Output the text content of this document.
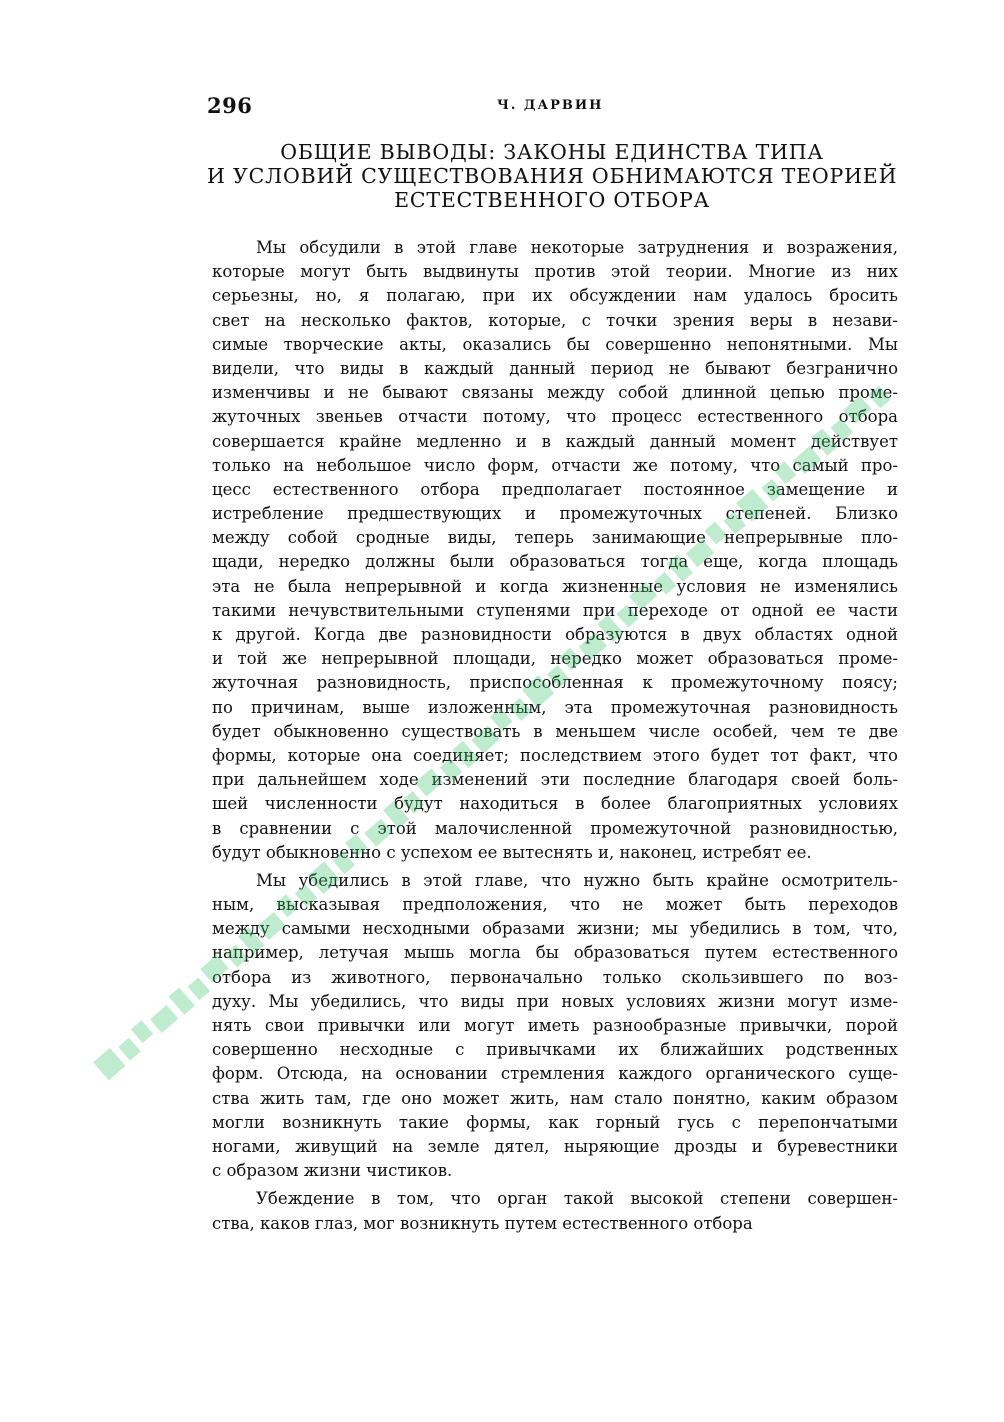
296	Ч. ДАРВИН
ОБЩИЕ ВЫВОДЫ: ЗАКОНЫ ЕДИНСТВА ТИПА
И УСЛОВИЙ СУЩЕСТВОВАНИЯ ОБНИМАЮТСЯ ТЕОРИЕЙ
ЕСТЕСТВЕННОГО ОТБОРА
Мы обсудили в этой главе некоторые затруднения и возражения,
которые могут быть выдвинуты против этой теории. Многие из них
серьезны, но, я полагаю, при их обсуждении нам удалось бросить
свет на несколько фактов, которые, с точки зрения веры в незави-
симые творческие акты, оказались бы совершенно непонятными. Мы
видели, что виды в каждый данный период не бывают безгранично
изменчивы и не бывают связаны между собой длинной цепью проме-
жуточных звеньев отчасти потому, что процесс естественного отбора
совершается крайне медленно и в каждый данный момент действует
только на небольшое число форм, отчасти же потому, что самый про-
цесс естественного отбора предполагает постоянное замещение и
истребление предшествующих и промежуточных степеней. Близко
между собой сродные виды, теперь занимающие непрерывные пло-
щади, нередко должны были образоваться тогда еще, когда площадь
эта не была непрерывной и когда жизненные условия не изменялись
такими нечувствительными ступенями при переходе от одной ее части
к другой. Когда две разновидности образуются в двух областях одной
и той же непрерывной площади, нередко может образоваться проме-
жуточная разновидность, приспособленная к промежуточному поясу;
по причинам, выше изложенным, эта промежуточная разновидность
будет обыкновенно существовать в меньшем числе особей, чем те две
формы, которые она соединяет; последствием этого будет тот факт, что
при дальнейшем ходе изменений эти последние благодаря своей боль-
шей численности будут находиться в более благоприятных условиях
в сравнении с этой малочисленной промежуточной разновидностью,
будут обыкновенно с успехом ее вытеснять и, наконец, истребят ее.
Мы убедились в этой главе, что нужно быть крайне осмотритель-
ным, высказывая предположения, что не может быть переходов
между самыми несходными образами жизни; мы убедились в том, что,
например, летучая мышь могла бы образоваться путем естественного
отбора из животного, первоначально только скользившего по воз-
духу. Мы убедились, что виды при новых условиях жизни могут изме-
нять свои привычки или могут иметь разнообразные привычки, порой
совершенно несходные с привычками их ближайших родственных
форм. Отсюда, на основании стремления каждого органического суще-
ства жить там, где оно может жить, нам стало понятно, каким образом
могли возникнуть такие формы, как горный гусь с перепончатыми
ногами, живущий на земле дятел, ныряющие дрозды и буревестники
с образом жизни чистиков.
Убеждение в том, что орган такой высокой степени совершен-
ства, каков глаз, мог возникнуть путем естественного отбора
